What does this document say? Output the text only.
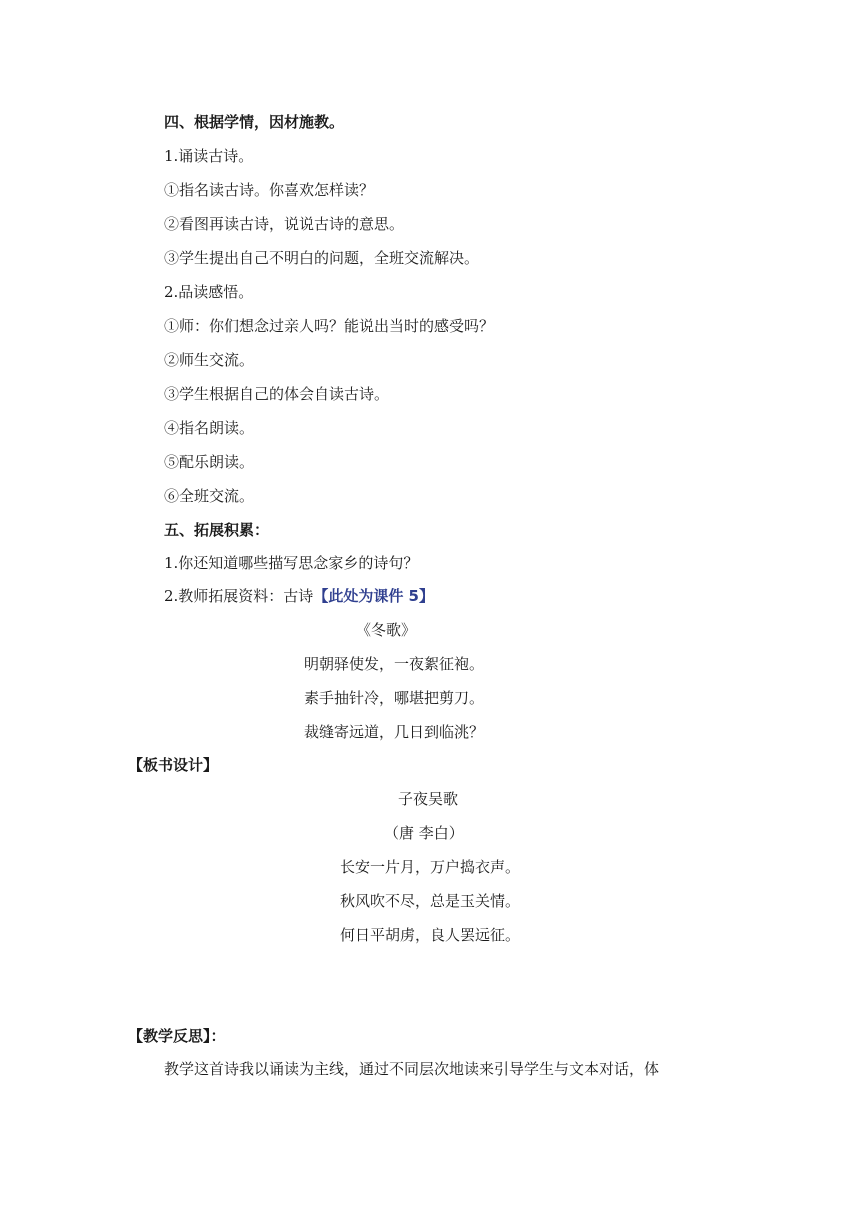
四、根据学情，因材施教。
1.诵读古诗。
①指名读古诗。你喜欢怎样读？
②看图再读古诗，说说古诗的意思。
③学生提出自己不明白的问题，全班交流解决。
2.品读感悟。
①师：你们想念过亲人吗？能说出当时的感受吗？
②师生交流。
③学生根据自己的体会自读古诗。
④指名朗读。
⑤配乐朗读。
⑥全班交流。
五、拓展积累：
1.你还知道哪些描写思念家乡的诗句？
2.教师拓展资料：古诗【此处为课件 5】
《冬歌》
明朝驿使发，一夜絮征袍。
素手抽针冷，哪堪把剪刀。
裁缝寄远道，几日到临洮？
【板书设计】
子夜吴歌
（唐 李白）
长安一片月，万户捣衣声。
秋风吹不尽，总是玉关情。
何日平胡虏，良人罢远征。
【教学反思】：
教学这首诗我以诵读为主线，通过不同层次地读来引导学生与文本对话，体
